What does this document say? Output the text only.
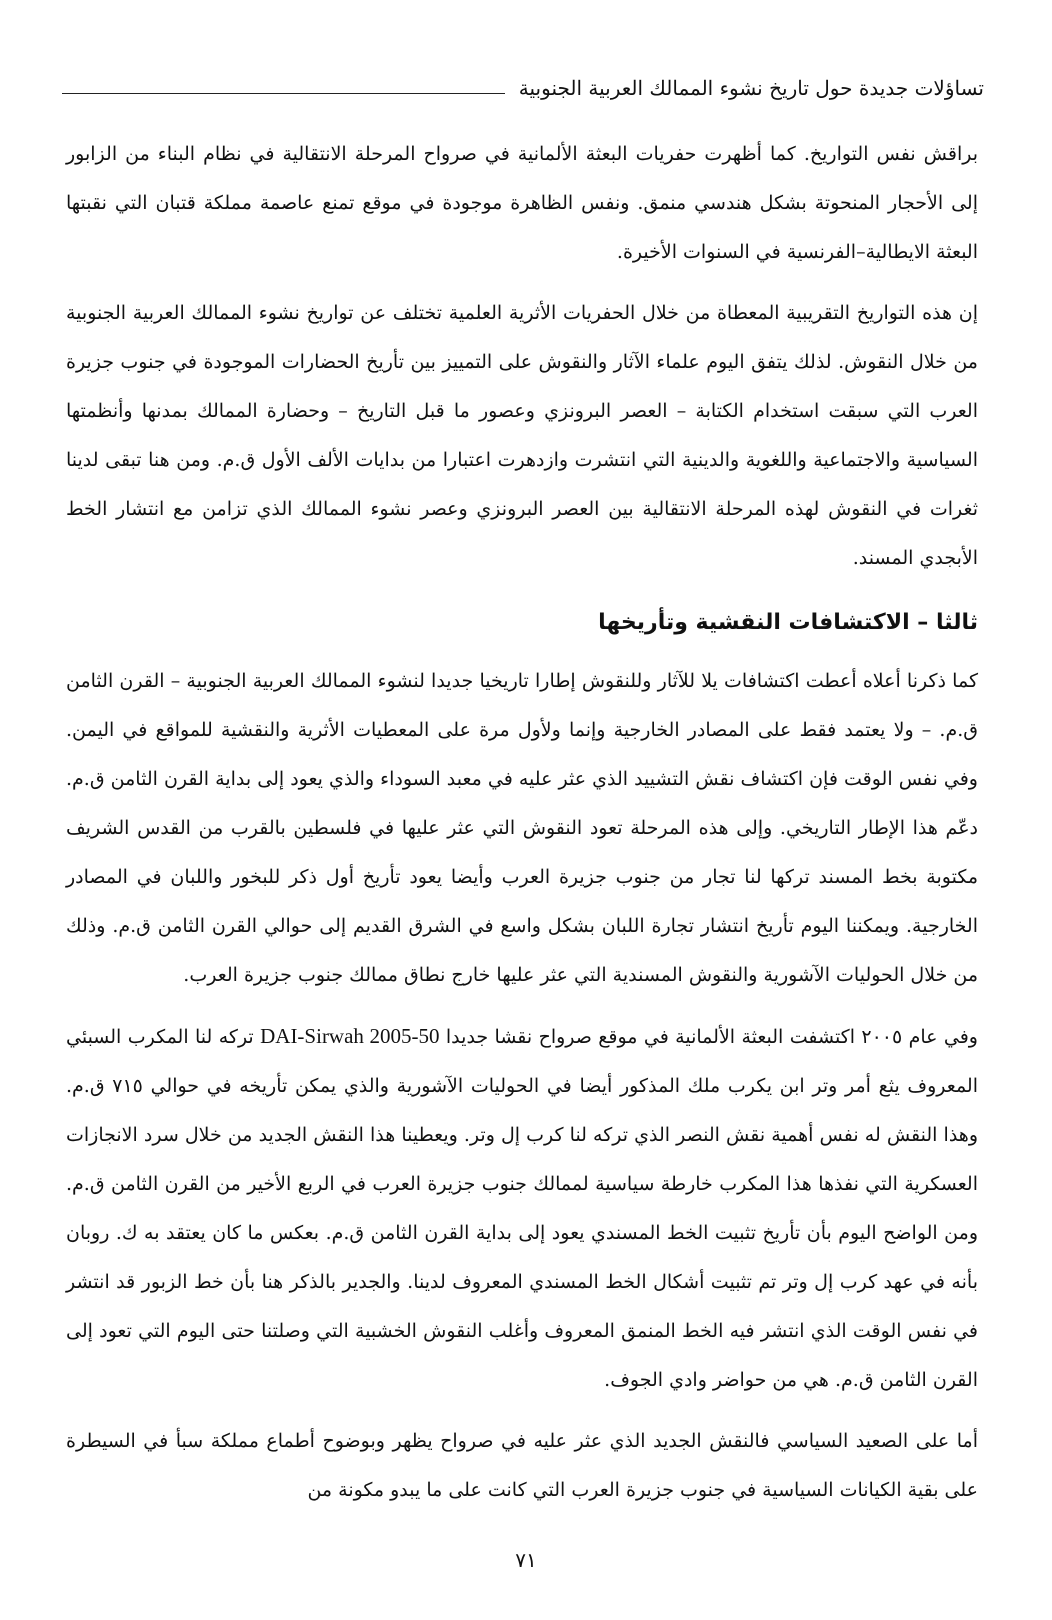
تساؤلات جديدة حول تاريخ نشوء الممالك العربية الجنوبية

براقش نفس التواريخ. كما أظهرت حفريات البعثة الألمانية في صرواح المرحلة الانتقالية في نظام البناء من الزابور إلى الأحجار المنحوتة بشكل هندسي منمق. ونفس الظاهرة موجودة في موقع تمنع عاصمة مملكة قتبان التي نقبتها البعثة الايطالية–الفرنسية في السنوات الأخيرة.

إن هذه التواريخ التقريبية المعطاة من خلال الحفريات الأثرية العلمية تختلف عن تواريخ نشوء الممالك العربية الجنوبية من خلال النقوش. لذلك يتفق اليوم علماء الآثار والنقوش على التمييز بين تأريخ الحضارات الموجودة في جنوب جزيرة العرب التي سبقت استخدام الكتابة – العصر البرونزي وعصور ما قبل التاريخ – وحضارة الممالك بمدنها وأنظمتها السياسية والاجتماعية واللغوية والدينية التي انتشرت وازدهرت اعتبارا من بدايات الألف الأول ق.م. ومن هنا تبقى لدينا ثغرات في النقوش لهذه المرحلة الانتقالية بين العصر البرونزي وعصر نشوء الممالك الذي تزامن مع انتشار الخط الأبجدي المسند.

ثالثا – الاكتشافات النقشية وتأريخها

كما ذكرنا أعلاه أعطت اكتشافات يلا للآثار وللنقوش إطارا تاريخيا جديدا لنشوء الممالك العربية الجنوبية – القرن الثامن ق.م. – ولا يعتمد فقط على المصادر الخارجية وإنما ولأول مرة على المعطيات الأثرية والنقشية للمواقع في اليمن. وفي نفس الوقت فإن اكتشاف نقش التشييد الذي عثر عليه في معبد السوداء والذي يعود إلى بداية القرن الثامن ق.م. دعّم هذا الإطار التاريخي. وإلى هذه المرحلة تعود النقوش التي عثر عليها في فلسطين بالقرب من القدس الشريف مكتوبة بخط المسند تركها لنا تجار من جنوب جزيرة العرب وأيضا يعود تأريخ أول ذكر للبخور واللبان في المصادر الخارجية. ويمكننا اليوم تأريخ انتشار تجارة اللبان بشكل واسع في الشرق القديم إلى حوالي القرن الثامن ق.م. وذلك من خلال الحوليات الآشورية والنقوش المسندية التي عثر عليها خارج نطاق ممالك جنوب جزيرة العرب.

وفي عام ٢٠٠٥ اكتشفت البعثة الألمانية في موقع صرواح نقشا جديدا DAI-Sirwah 2005-50 تركه لنا المكرب السبئي المعروف يثع أمر وتر ابن يكرب ملك المذكور أيضا في الحوليات الآشورية والذي يمكن تأريخه في حوالي ٧١٥ ق.م. وهذا النقش له نفس أهمية نقش النصر الذي تركه لنا كرب إل وتر. ويعطينا هذا النقش الجديد من خلال سرد الانجازات العسكرية التي نفذها هذا المكرب خارطة سياسية لممالك جنوب جزيرة العرب في الربع الأخير من القرن الثامن ق.م. ومن الواضح اليوم بأن تأريخ تثبيت الخط المسندي يعود إلى بداية القرن الثامن ق.م. بعكس ما كان يعتقد به ك. روبان بأنه في عهد كرب إل وتر تم تثبيت أشكال الخط المسندي المعروف لدينا. والجدير بالذكر هنا بأن خط الزبور قد انتشر في نفس الوقت الذي انتشر فيه الخط المنمق المعروف وأغلب النقوش الخشبية التي وصلتنا حتى اليوم التي تعود إلى القرن الثامن ق.م. هي من حواضر وادي الجوف.

أما على الصعيد السياسي فالنقش الجديد الذي عثر عليه في صرواح يظهر وبوضوح أطماع مملكة سبأ في السيطرة على بقية الكيانات السياسية في جنوب جزيرة العرب التي كانت على ما يبدو مكونة من

٧١
